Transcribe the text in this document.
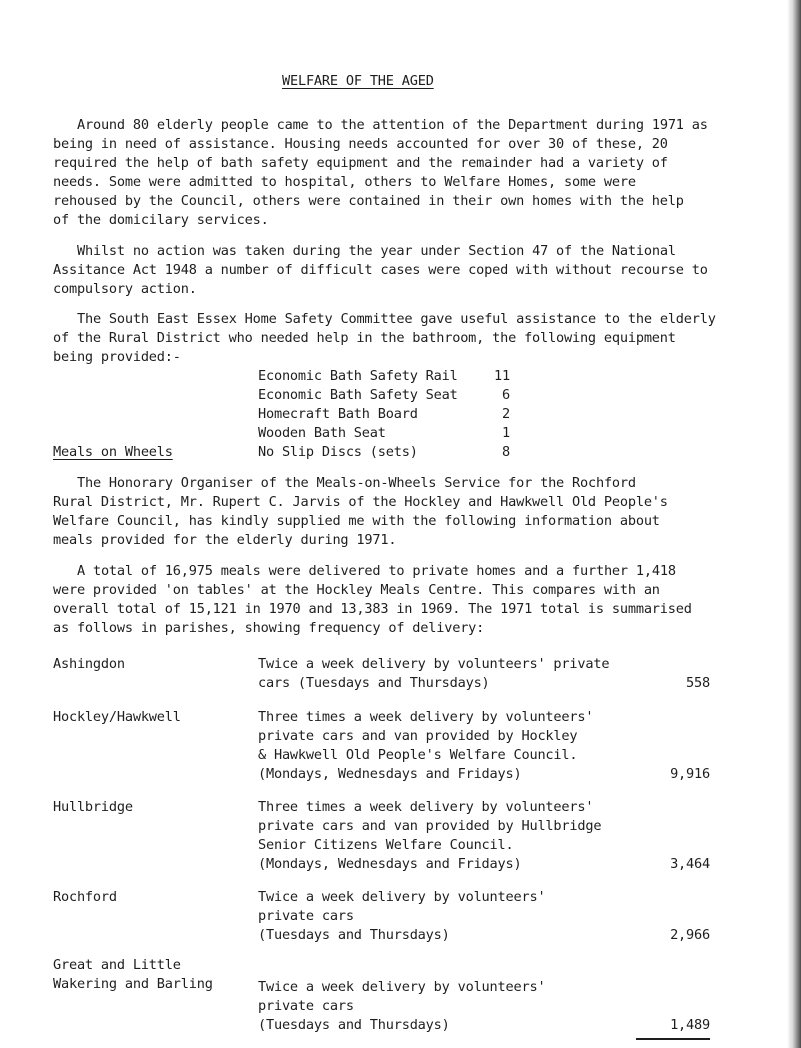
WELFARE OF THE AGED
Around 80 elderly people came to the attention of the Department during 1971 as
being in need of assistance. Housing needs accounted for over 30 of these, 20
required the help of bath safety equipment and the remainder had a variety of
needs. Some were admitted to hospital, others to Welfare Homes, some were
rehoused by the Council, others were contained in their own homes with the help
of the domicilary services.
Whilst no action was taken during the year under Section 47 of the National
Assitance Act 1948 a number of difficult cases were coped with without recourse to
compulsory action.
The South East Essex Home Safety Committee gave useful assistance to the elderly
of the Rural District who needed help in the bathroom, the following equipment
being provided:-
Economic Bath Safety Rail	11
Economic Bath Safety Seat	6
Homecraft Bath Board	2
Wooden Bath Seat	1
No Slip Discs (sets)	8
Meals on Wheels
The Honorary Organiser of the Meals-on-Wheels Service for the Rochford
Rural District, Mr. Rupert C. Jarvis of the Hockley and Hawkwell Old People's
Welfare Council, has kindly supplied me with the following information about
meals provided for the elderly during 1971.
A total of 16,975 meals were delivered to private homes and a further 1,418
were provided 'on tables' at the Hockley Meals Centre. This compares with an
overall total of 15,121 in 1970 and 13,383 in 1969. The 1971 total is summarised
as follows in parishes, showing frequency of delivery:
Ashingdon	Twice a week delivery by volunteers' private
cars (Tuesdays and Thursdays)	558
Hockley/Hawkwell	Three times a week delivery by volunteers'
private cars and van provided by Hockley
& Hawkwell Old People's Welfare Council.
(Mondays, Wednesdays and Fridays)	9,916
Hullbridge	Three times a week delivery by volunteers'
private cars and van provided by Hullbridge
Senior Citizens Welfare Council.
(Mondays, Wednesdays and Fridays)	3,464
Rochford	Twice a week delivery by volunteers'
private cars
(Tuesdays and Thursdays)	2,966
Great and Little
Wakering and Barling	Twice a week delivery by volunteers'
private cars
(Tuesdays and Thursdays)	1,489
